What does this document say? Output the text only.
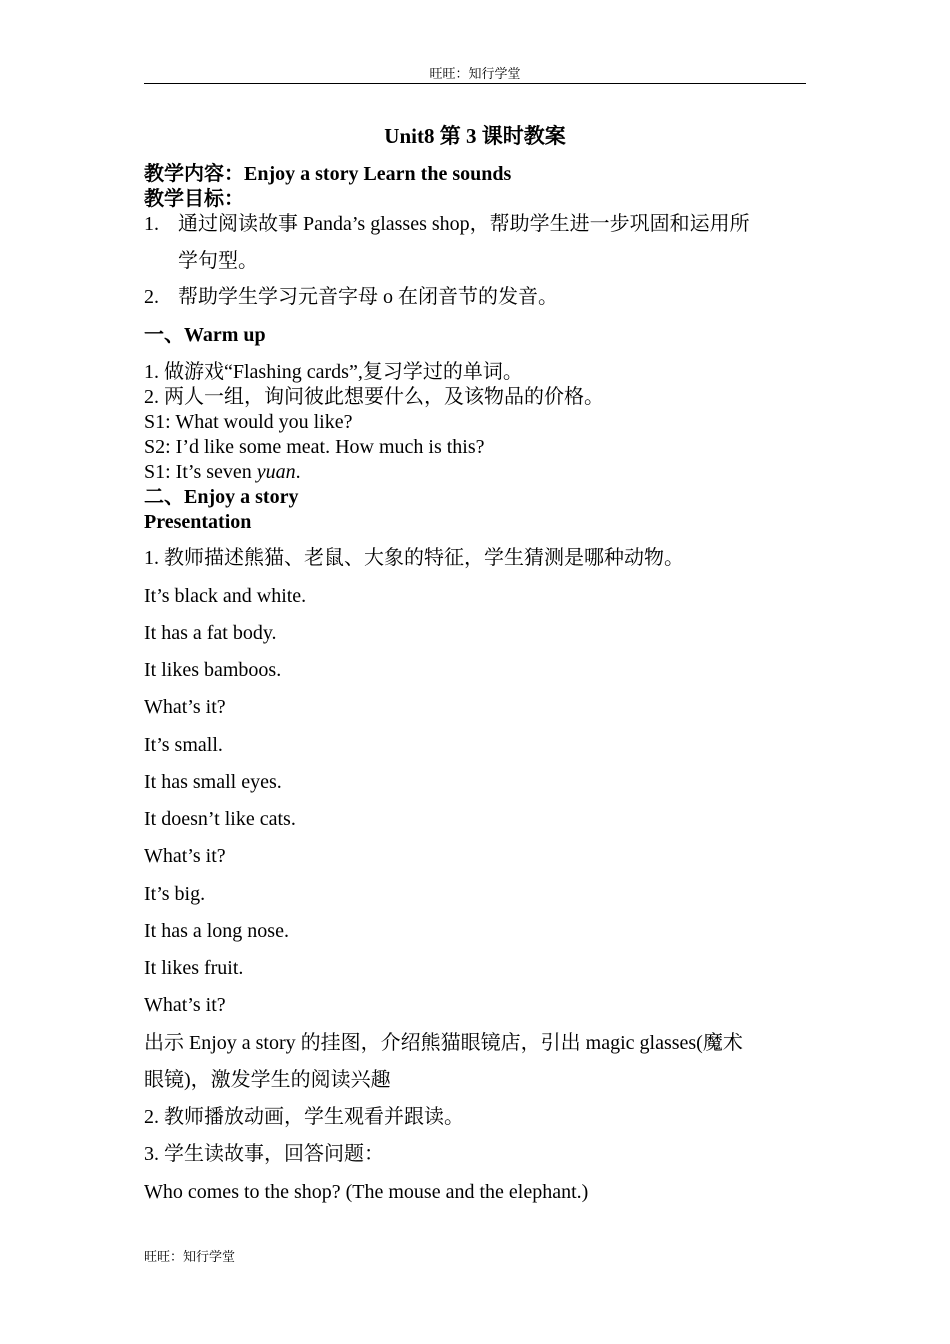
旺旺：知行学堂
Unit8 第 3 课时教案
教学内容：Enjoy a story Learn the sounds
教学目标：
1. 通过阅读故事 Panda’s glasses shop，帮助学生进一步巩固和运用所
学句型。
2. 帮助学生学习元音字母 o 在闭音节的发音。
一、Warm up
1. 做游戏“Flashing cards”,复习学过的单词。
2. 两人一组，询问彼此想要什么，及该物品的价格。
S1: What would you like?
S2: I’d like some meat. How much is this?
S1: It’s seven yuan.
二、Enjoy a story
Presentation
1. 教师描述熊猫、老鼠、大象的特征，学生猜测是哪种动物。
It’s black and white.
It has a fat body.
It likes bamboos.
What’s it?
It’s small.
It has small eyes.
It doesn’t like cats.
What’s it?
It’s big.
It has a long nose.
It likes fruit.
What’s it?
出示 Enjoy a story 的挂图，介绍熊猫眼镜店，引出 magic glasses(魔术
眼镜)，激发学生的阅读兴趣
2. 教师播放动画，学生观看并跟读。
3. 学生读故事，回答问题：
Who comes to the shop? (The mouse and the elephant.)
旺旺：知行学堂
